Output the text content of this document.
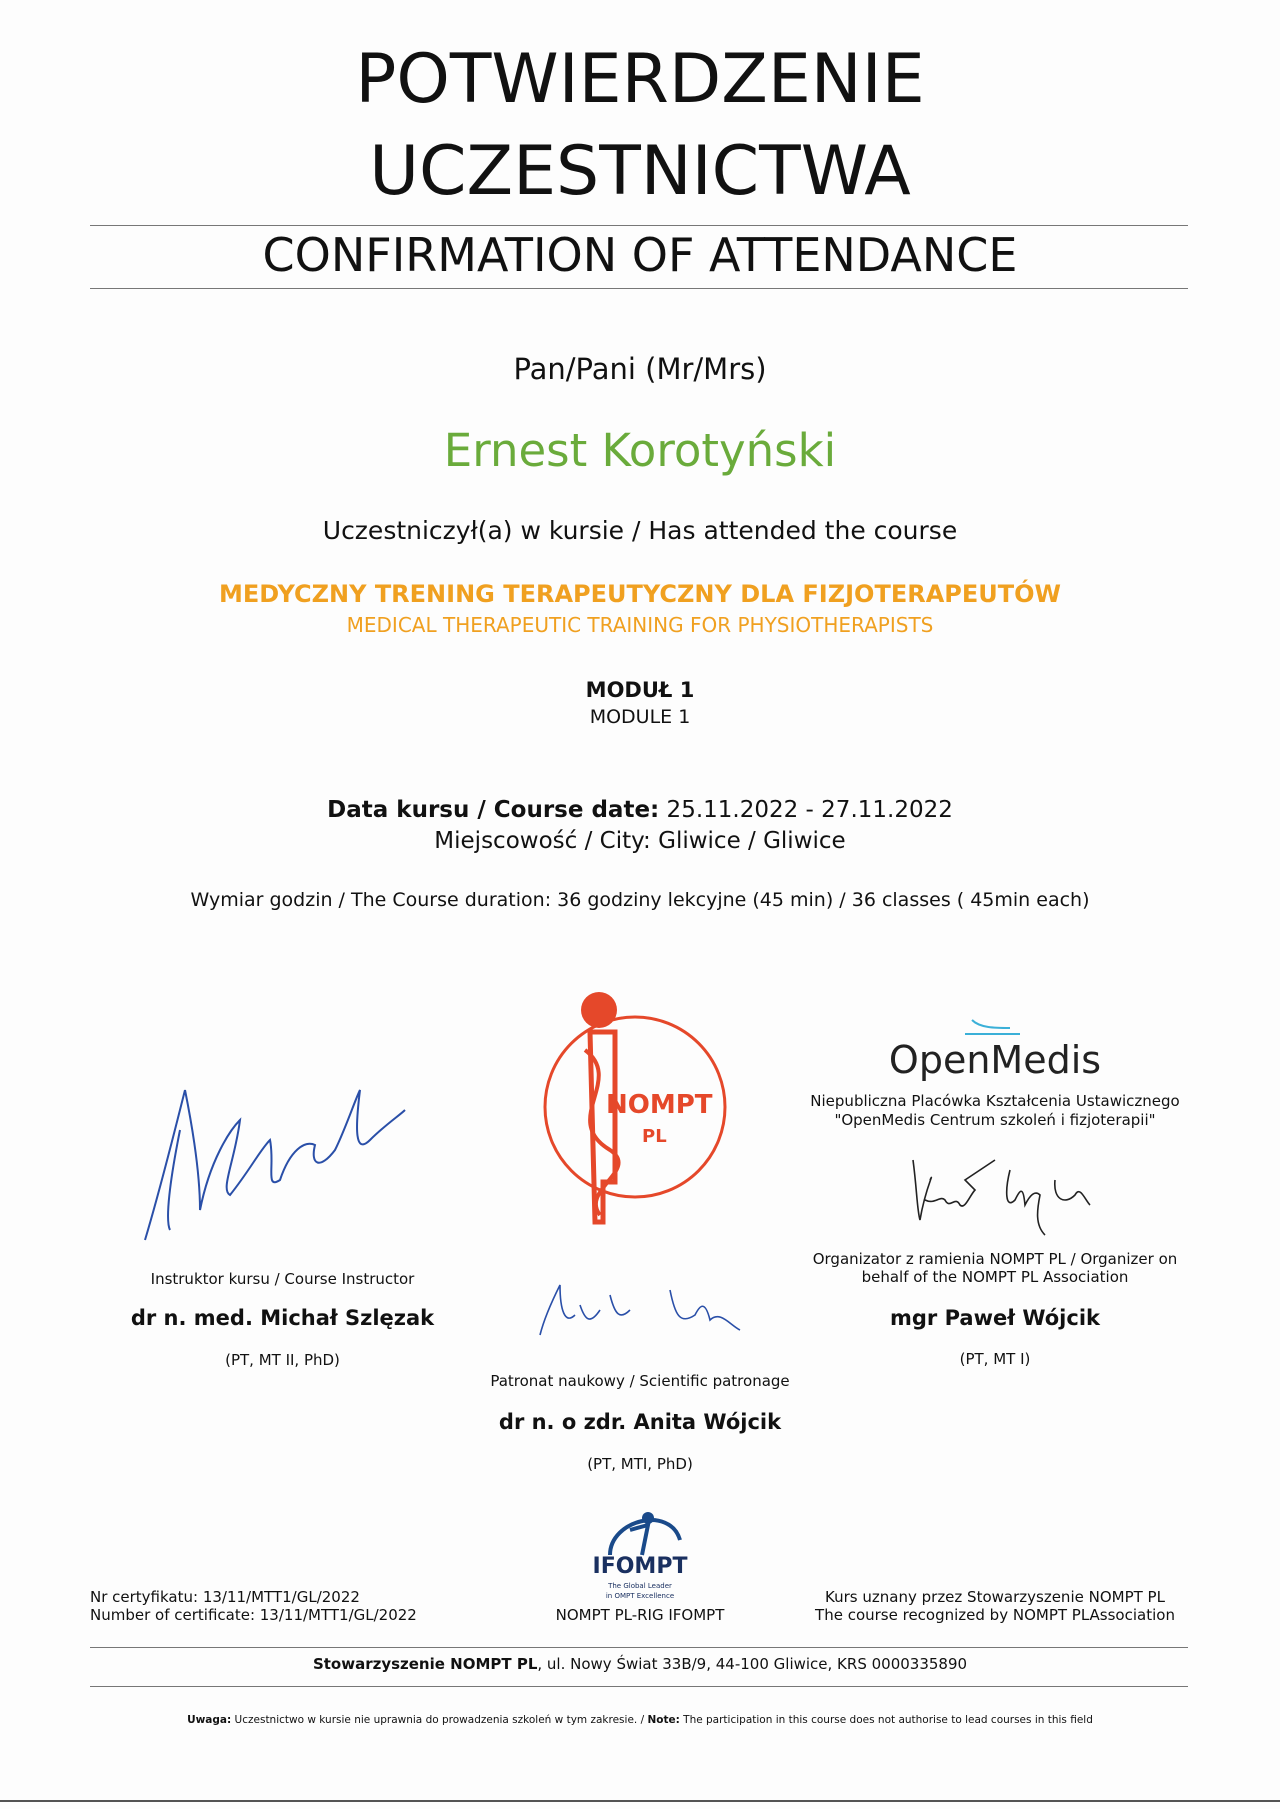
POTWIERDZENIE
UCZESTNICTWA
CONFIRMATION OF ATTENDANCE
Pan/Pani (Mr/Mrs)
Ernest Korotyński
Uczestniczył(a) w kursie / Has attended the course
MEDYCZNY TRENING TERAPEUTYCZNY DLA FIZJOTERAPEUTÓW
MEDICAL THERAPEUTIC TRAINING FOR PHYSIOTHERAPISTS
MODUŁ 1
MODULE 1
Data kursu / Course date: 25.11.2022 - 27.11.2022
Miejscowość / City: Gliwice / Gliwice
Wymiar godzin / The Course duration: 36 godziny lekcyjne (45 min) / 36 classes ( 45min each)
Instruktor kursu / Course Instructor
dr n. med. Michał Szlęzak
(PT, MT II, PhD)
NOMPT
PL
Patronat naukowy / Scientific patronage
dr n. o zdr. Anita Wójcik
(PT, MTI, PhD)
OpenMedis
Niepubliczna Placówka Kształcenia Ustawicznego
"OpenMedis Centrum szkoleń i fizjoterapii"
Organizator z ramienia NOMPT PL / Organizer on
behalf of the NOMPT PL Association
mgr Paweł Wójcik
(PT, MT I)
IFOMPT
The Global Leader
in OMPT Excellence
NOMPT PL-RIG IFOMPT
Nr certyfikatu: 13/11/MTT1/GL/2022
Number of certificate: 13/11/MTT1/GL/2022
Kurs uznany przez Stowarzyszenie NOMPT PL
The course recognized by NOMPT PLAssociation
Stowarzyszenie NOMPT PL, ul. Nowy Świat 33B/9, 44-100 Gliwice, KRS 0000335890
Uwaga: Uczestnictwo w kursie nie uprawnia do prowadzenia szkoleń w tym zakresie. / Note: The participation in this course does not authorise to lead courses in this field
